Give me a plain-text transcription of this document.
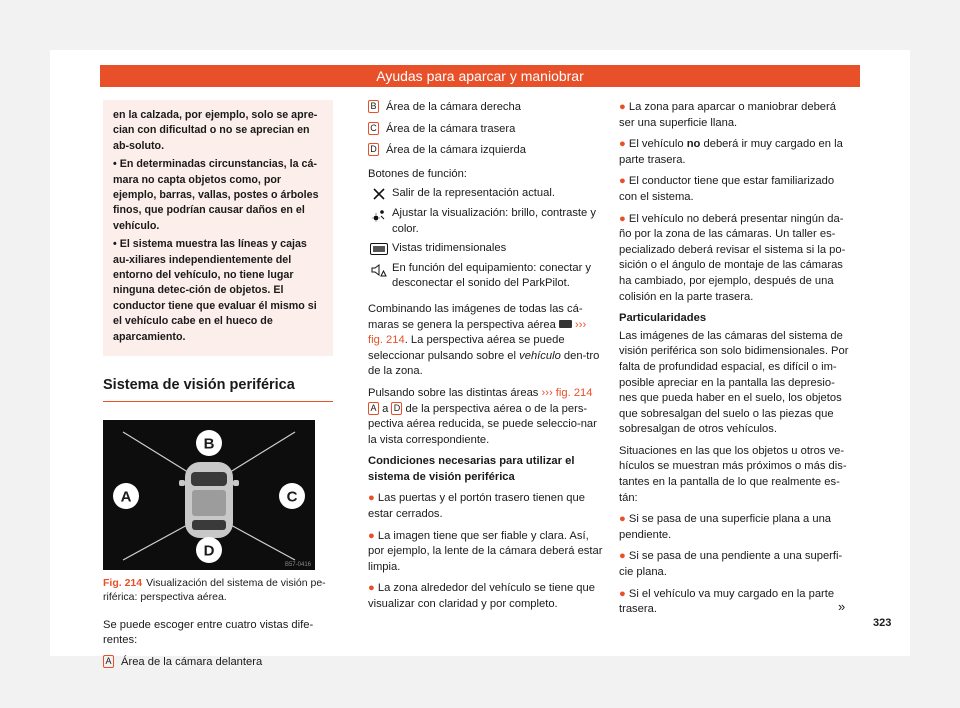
Ayudas para aparcar y maniobrar

en la calzada, por ejemplo, solo se apre-cian con dificultad o no se aprecian en ab-soluto.

• En determinadas circunstancias, la cá-mara no capta objetos como, por ejemplo, barras, vallas, postes o árboles finos, que podrían causar daños en el vehículo.

• El sistema muestra las líneas y cajas au-xiliares independientemente del entorno del vehículo, no tiene lugar ninguna detec-ción de objetos. El conductor tiene que evaluar él mismo si el vehículo cabe en el hueco de aparcamiento.

Sistema de visión periférica
B
A	C
D
B57-0416
Fig. 214 Visualización del sistema de visión pe-riférica: perspectiva aérea.

Se puede escoger entre cuatro vistas dife-rentes:

A Área de la cámara delantera
B Área de la cámara derecha
C Área de la cámara trasera
D Área de la cámara izquierda

Botones de función:

Salir de la representación actual.
Ajustar la visualización: brillo, contraste y color.
Vistas tridimensionales
En función del equipamiento: conectar y desconectar el sonido del ParkPilot.

Combinando las imágenes de todas las cá-maras se genera la perspectiva aérea ››› fig. 214. La perspectiva aérea se puede seleccionar pulsando sobre el vehículo den-tro de la zona.

Pulsando sobre las distintas áreas ››› fig. 214 A a D de la perspectiva aérea o de la pers-pectiva aérea reducida, se puede seleccio-nar la vista correspondiente.

Condiciones necesarias para utilizar el sistema de visión periférica

● Las puertas y el portón trasero tienen que estar cerrados.

● La imagen tiene que ser fiable y clara. Así, por ejemplo, la lente de la cámara deberá estar limpia.

● La zona alrededor del vehículo se tiene que visualizar con claridad y por completo.

● La zona para aparcar o maniobrar deberá ser una superficie llana.

● El vehículo no deberá ir muy cargado en la parte trasera.

● El conductor tiene que estar familiarizado con el sistema.

● El vehículo no deberá presentar ningún da-ño por la zona de las cámaras. Un taller es-pecializado deberá revisar el sistema si la po-sición o el ángulo de montaje de las cámaras ha cambiado, por ejemplo, después de una colisión en la parte trasera.

Particularidades

Las imágenes de las cámaras del sistema de visión periférica son solo bidimensionales. Por falta de profundidad espacial, es difícil o im-posible apreciar en la pantalla las depresio-nes que pueda haber en el suelo, los objetos que sobresalgan del suelo o las piezas que sobresalgan de otros vehículos.

Situaciones en las que los objetos u otros ve-hículos se muestran más próximos o más dis-tantes en la pantalla de lo que realmente es-tán:

● Si se pasa de una superficie plana a una pendiente.

● Si se pasa de una pendiente a una superfi-cie plana.

● Si el vehículo va muy cargado en la parte trasera.	»
323
